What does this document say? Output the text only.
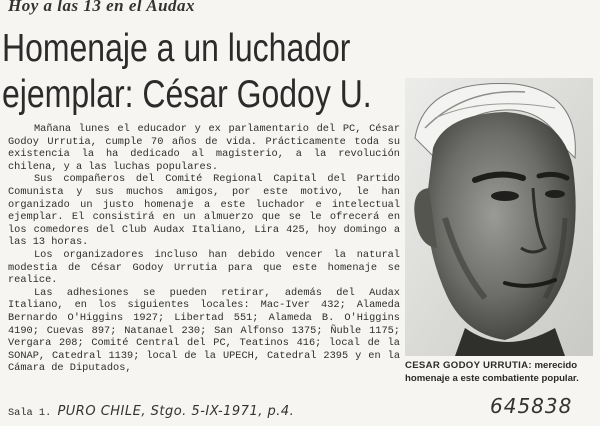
Hoy a las 13 en el Audax
Homenaje a un luchador
ejemplar: César Godoy U.

Mañana lunes el educador y ex parlamentario del PC, César Godoy Urrutia, cumple 70 años de vida. Prácticamente toda su existencia la ha dedicado al magisterio, a la revolución chilena, y a las luchas populares.

Sus compañeros del Comité Regional Capital del Partido Comunista y sus muchos amigos, por este motivo, le han organizado un justo homenaje a este luchador e intelectual ejemplar. El consistirá en un almuerzo que se le ofrecerá en los comedores del Club Audax Italiano, Lira 425, hoy domingo a las 13 horas.

Los organizadores incluso han debido vencer la natural modestia de César Godoy Urrutia para que este homenaje se realice.

Las adhesiones se pueden retirar, además del Audax Italiano, en los siguientes locales: Mac-Iver 432; Alameda Bernardo O'Higgins 1927; Libertad 551; Alameda B. O'Higgins 4190; Cuevas 897; Natanael 230; San Alfonso 1375; Ñuble 1175; Vergara 208; Comité Central del PC, Teatinos 416; local de la SONAP, Catedral 1139; local de la UPECH, Catedral 2395 y en la Cámara de Diputados,

Sala 1. PURO CHILE, Stgo. 5-IX-1971, p.4.
CESAR GODOY URRUTIA: merecido homenaje a este combatiente popular.
645838
